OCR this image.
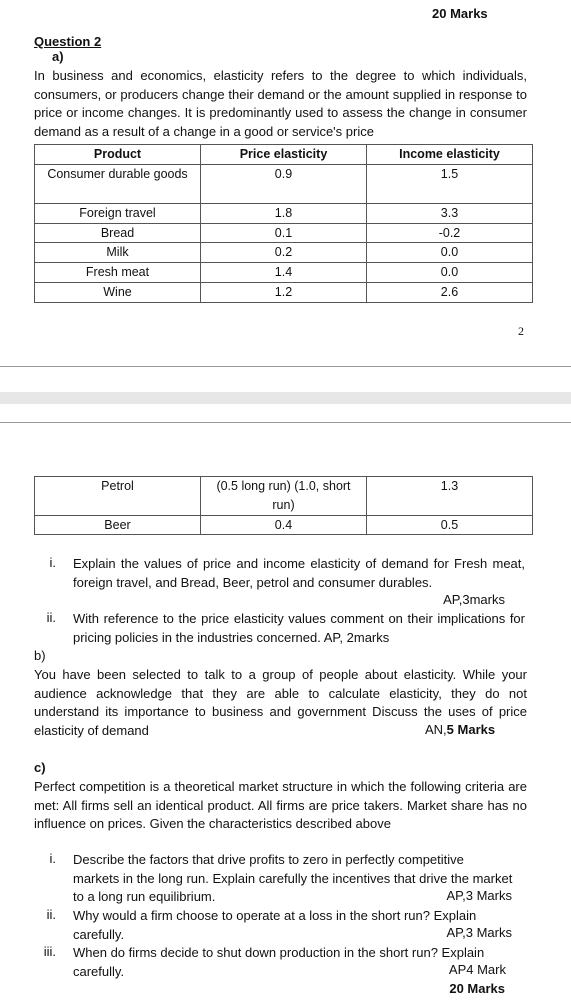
20 Marks
Question 2
a)
In business and economics, elasticity refers to the degree to which individuals, consumers, or producers change their demand or the amount supplied in response to price or income changes. It is predominantly used to assess the change in consumer demand as a result of a change in a good or service's price
Product	Price elasticity	Income elasticity
Consumer durable goods	0.9	1.5
Foreign travel	1.8	3.3
Bread	0.1	-0.2
Milk	0.2	0.0
Fresh meat	1.4	0.0
Wine	1.2	2.6
2
Petrol	(0.5 long run) (1.0, short run)	1.3
Beer	0.4	0.5
i. Explain the values of price and income elasticity of demand for Fresh meat, foreign travel, and Bread, Beer, petrol and consumer durables.
AP,3marks
ii. With reference to the price elasticity values comment on their implications for pricing policies in the industries concerned. AP, 2marks
b)
You have been selected to talk to a group of people about elasticity. While your audience acknowledge that they are able to calculate elasticity, they do not understand its importance to business and government Discuss the uses of price elasticity of demand	AN,5 Marks
c)
Perfect competition is a theoretical market structure in which the following criteria are met: All firms sell an identical product. All firms are price takers. Market share has no influence on prices. Given the characteristics described above
i. Describe the factors that drive profits to zero in perfectly competitive markets in the long run. Explain carefully the incentives that drive the market to a long run equilibrium.	AP,3 Marks
ii. Why would a firm choose to operate at a loss in the short run? Explain carefully.	AP,3 Marks
iii. When do firms decide to shut down production in the short run? Explain carefully.	AP4 Mark
20 Marks
